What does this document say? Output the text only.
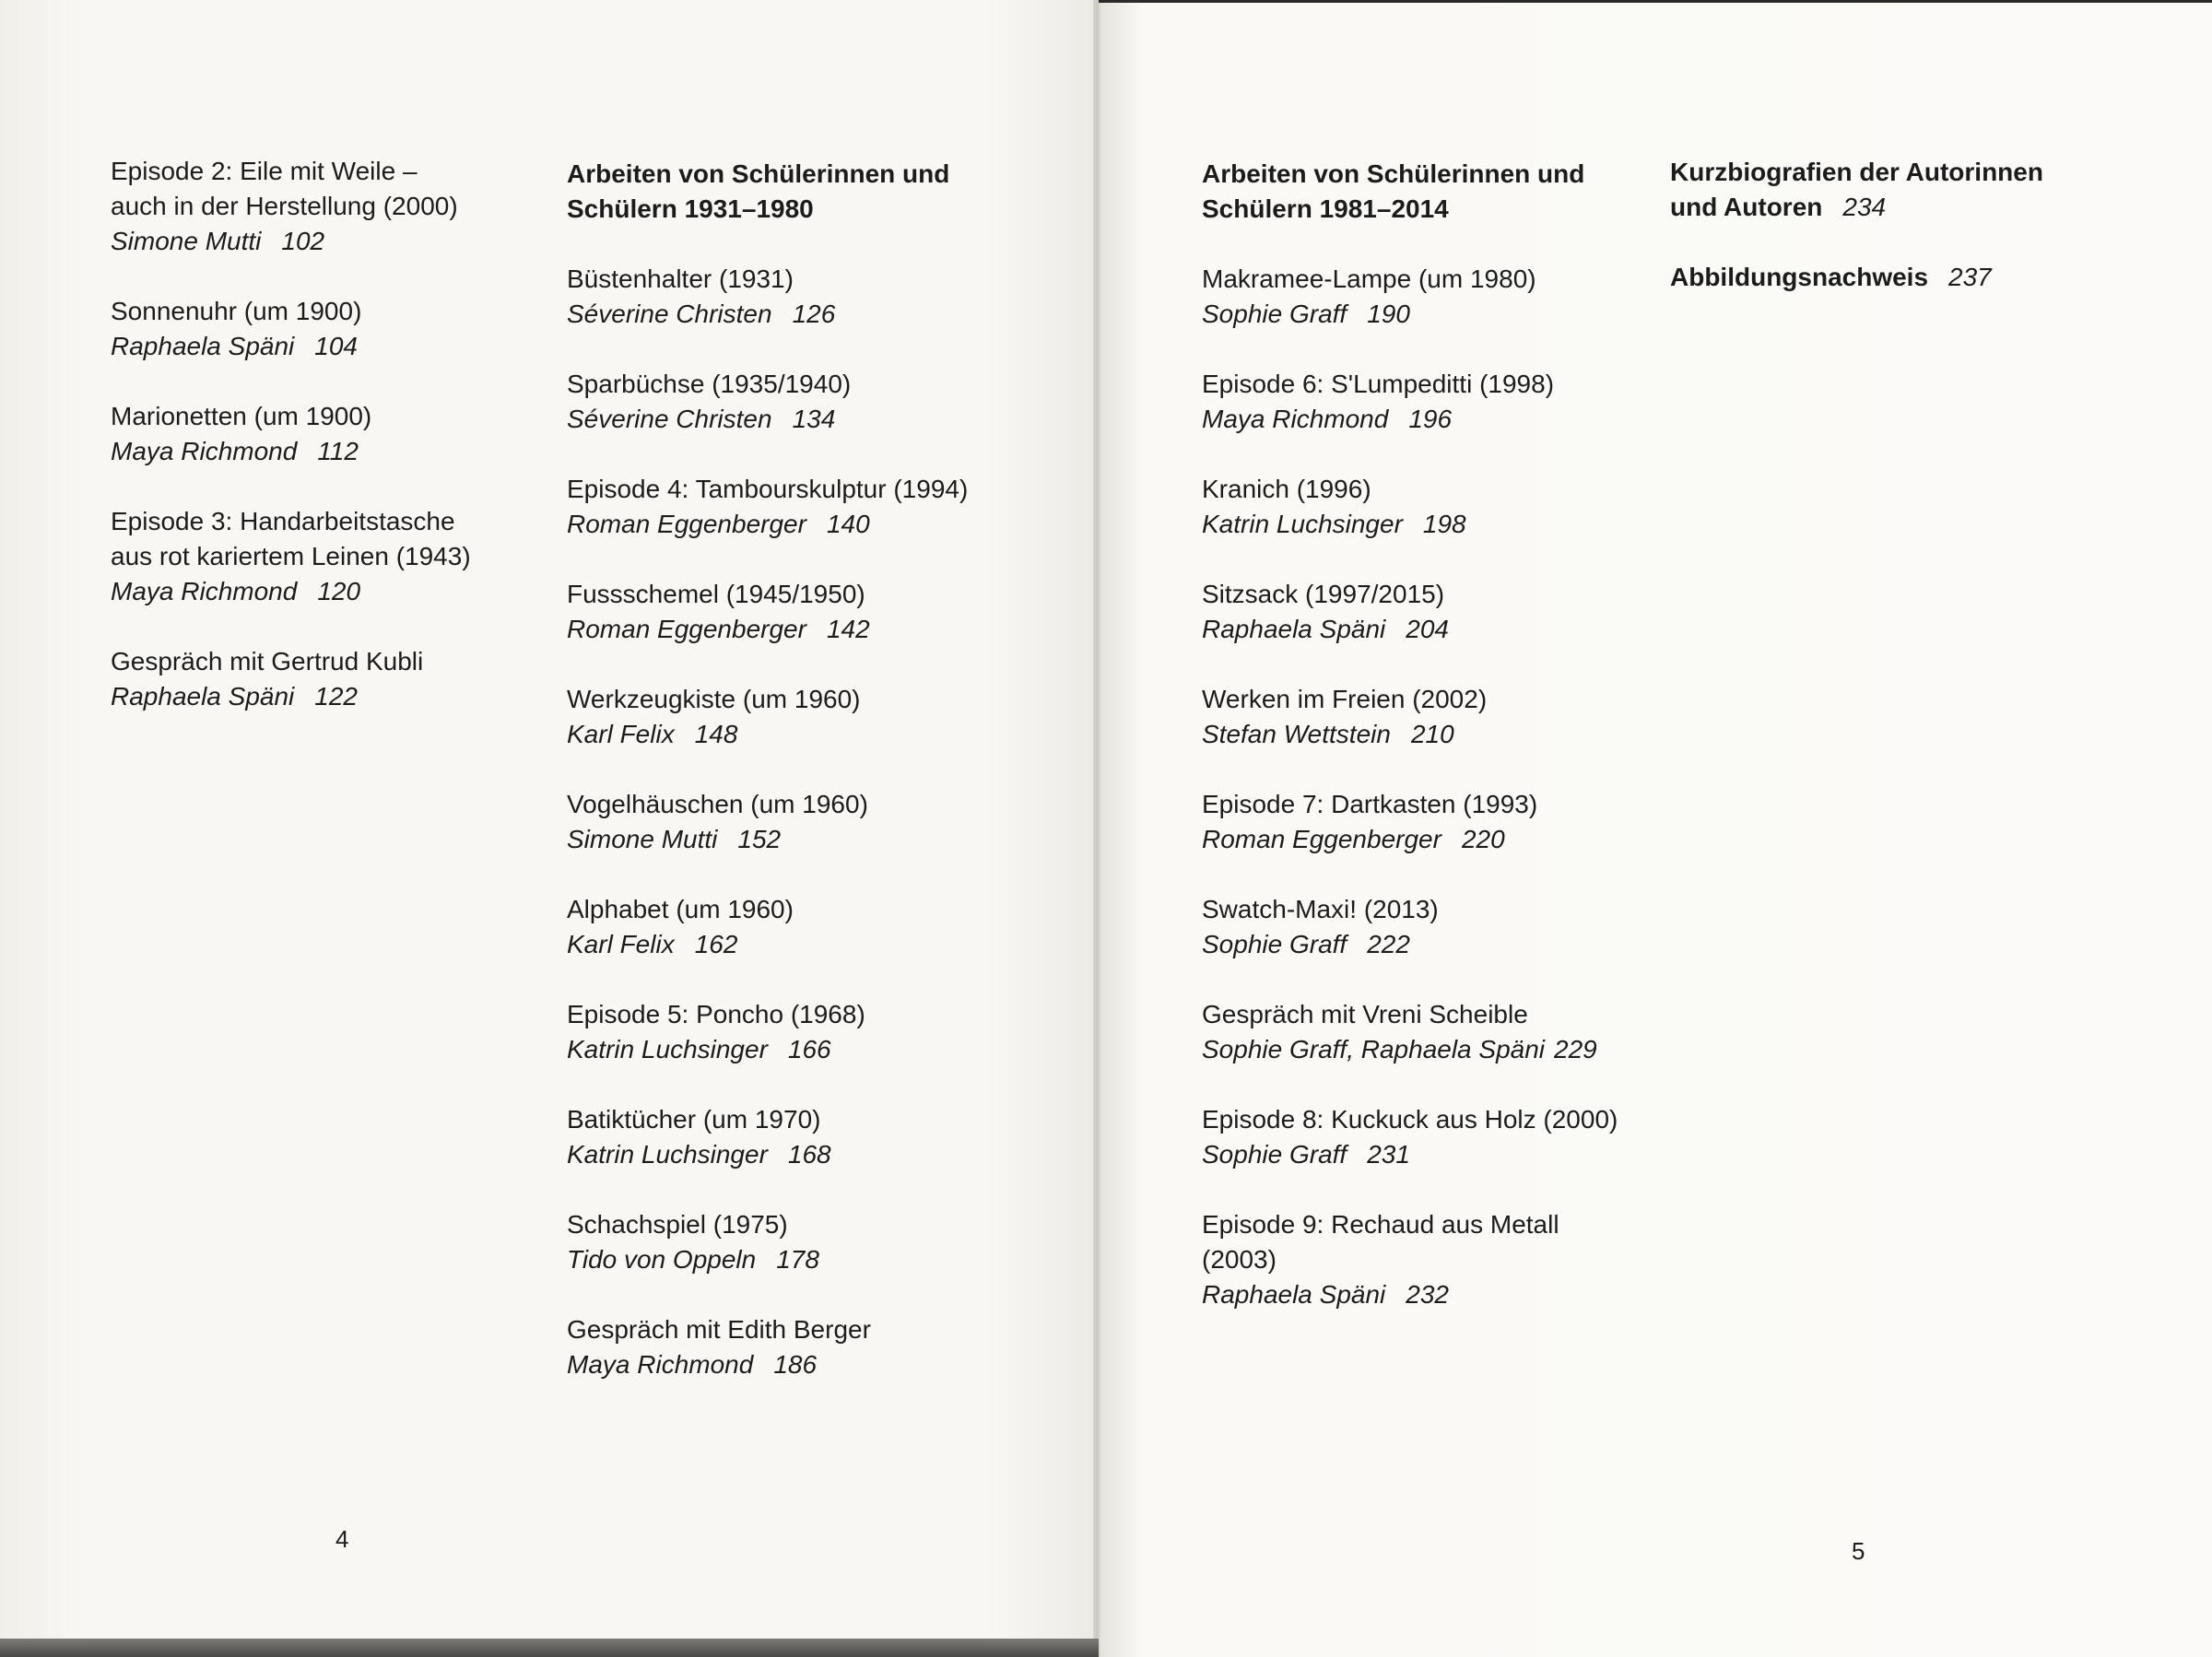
Episode 2: Eile mit Weile –
auch in der Herstellung (2000)
Simone Mutti 102
Sonnenuhr (um 1900)
Raphaela Späni 104
Marionetten (um 1900)
Maya Richmond 112
Episode 3: Handarbeitstasche
aus rot kariertem Leinen (1943)
Maya Richmond 120
Gespräch mit Gertrud Kubli
Raphaela Späni 122
Arbeiten von Schülerinnen und
Schülern 1931–1980
Büstenhalter (1931)
Séverine Christen 126
Sparbüchse (1935/1940)
Séverine Christen 134
Episode 4: Tambourskulptur (1994)
Roman Eggenberger 140
Fussschemel (1945/1950)
Roman Eggenberger 142
Werkzeugkiste (um 1960)
Karl Felix 148
Vogelhäuschen (um 1960)
Simone Mutti 152
Alphabet (um 1960)
Karl Felix 162
Episode 5: Poncho (1968)
Katrin Luchsinger 166
Batiktücher (um 1970)
Katrin Luchsinger 168
Schachspiel (1975)
Tido von Oppeln 178
Gespräch mit Edith Berger
Maya Richmond 186
4
Arbeiten von Schülerinnen und
Schülern 1981–2014
Makramee-Lampe (um 1980)
Sophie Graff 190
Episode 6: S'Lumpeditti (1998)
Maya Richmond 196
Kranich (1996)
Katrin Luchsinger 198
Sitzsack (1997/2015)
Raphaela Späni 204
Werken im Freien (2002)
Stefan Wettstein 210
Episode 7: Dartkasten (1993)
Roman Eggenberger 220
Swatch-Maxi! (2013)
Sophie Graff 222
Gespräch mit Vreni Scheible
Sophie Graff, Raphaela Späni 229
Episode 8: Kuckuck aus Holz (2000)
Sophie Graff 231
Episode 9: Rechaud aus Metall
(2003)
Raphaela Späni 232
Kurzbiografien der Autorinnen
und Autoren 234
Abbildungsnachweis 237
5
